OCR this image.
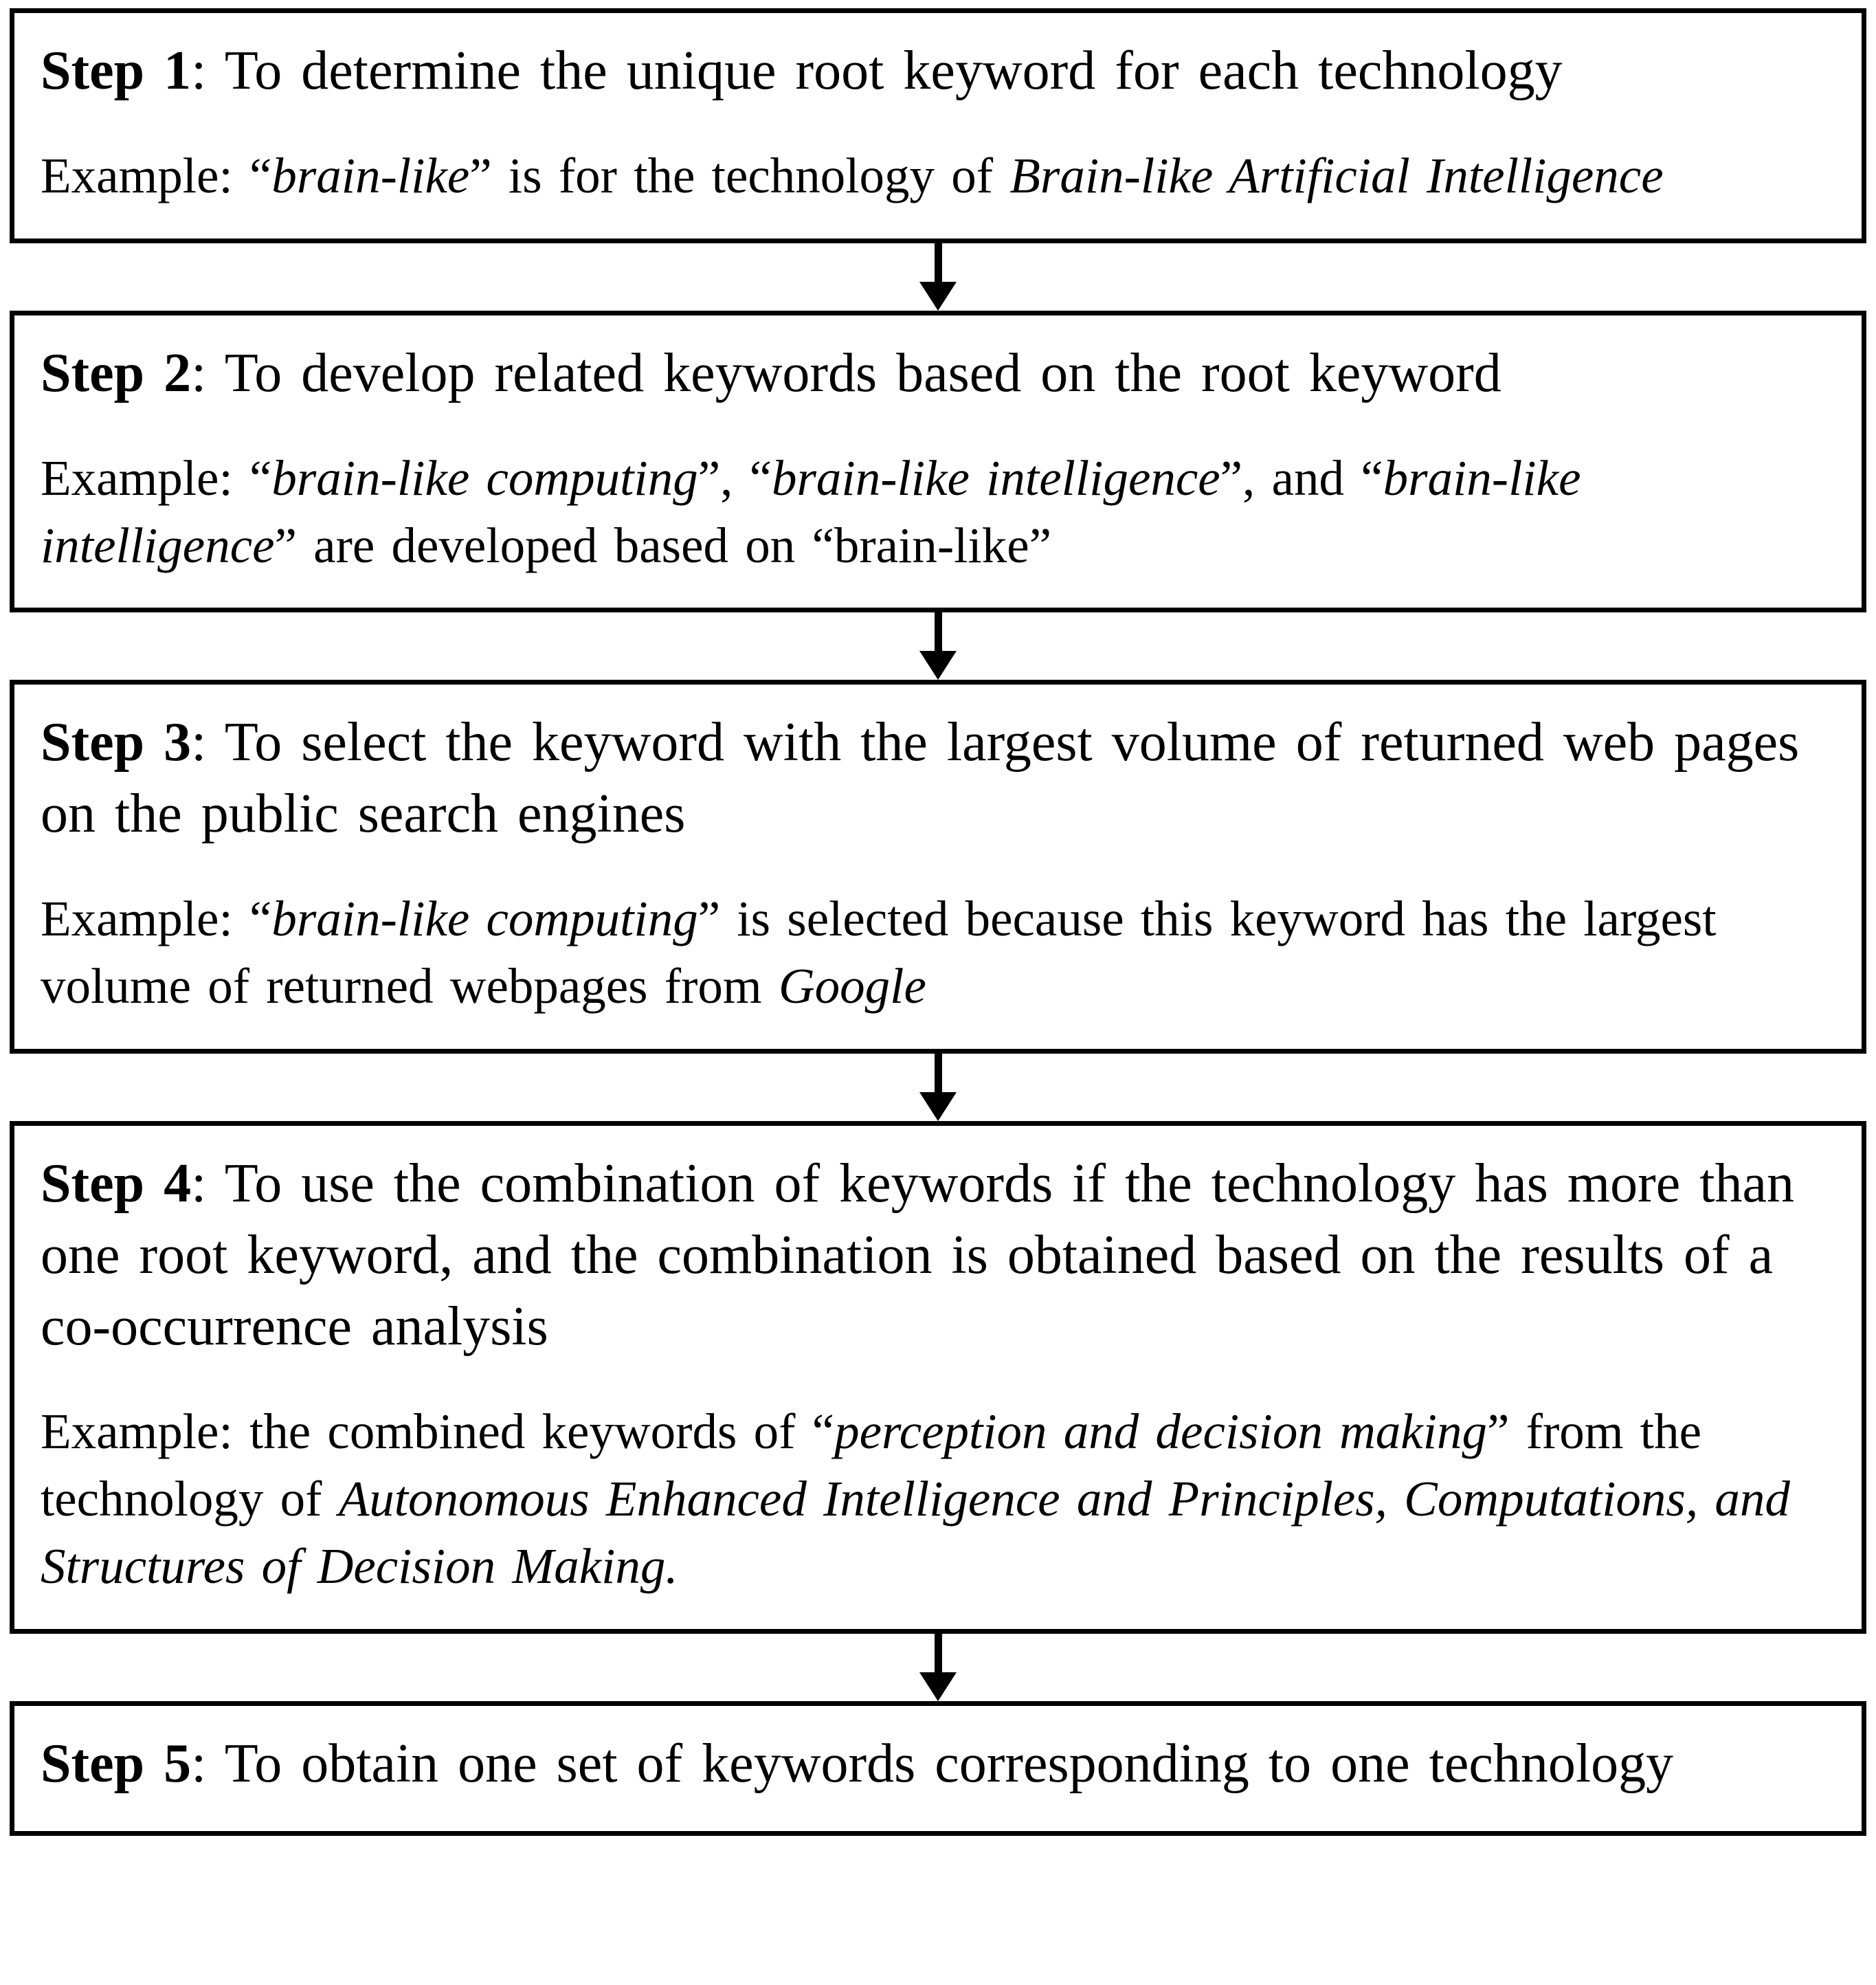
Step 1: To determine the unique root keyword for each technology

Example: “brain-like” is for the technology of Brain-like Artificial Intelligence

Step 2: To develop related keywords based on the root keyword

Example: “brain-like computing”, “brain-like intelligence”, and “brain-like intelligence” are developed based on “brain-like”

Step 3: To select the keyword with the largest volume of returned web pages on the public search engines

Example: “brain-like computing” is selected because this keyword has the largest volume of returned webpages from Google

Step 4: To use the combination of keywords if the technology has more than one root keyword, and the combination is obtained based on the results of a co-occurrence analysis

Example: the combined keywords of “perception and decision making” from the technology of Autonomous Enhanced Intelligence and Principles, Computations, and Structures of Decision Making.

Step 5: To obtain one set of keywords corresponding to one technology
